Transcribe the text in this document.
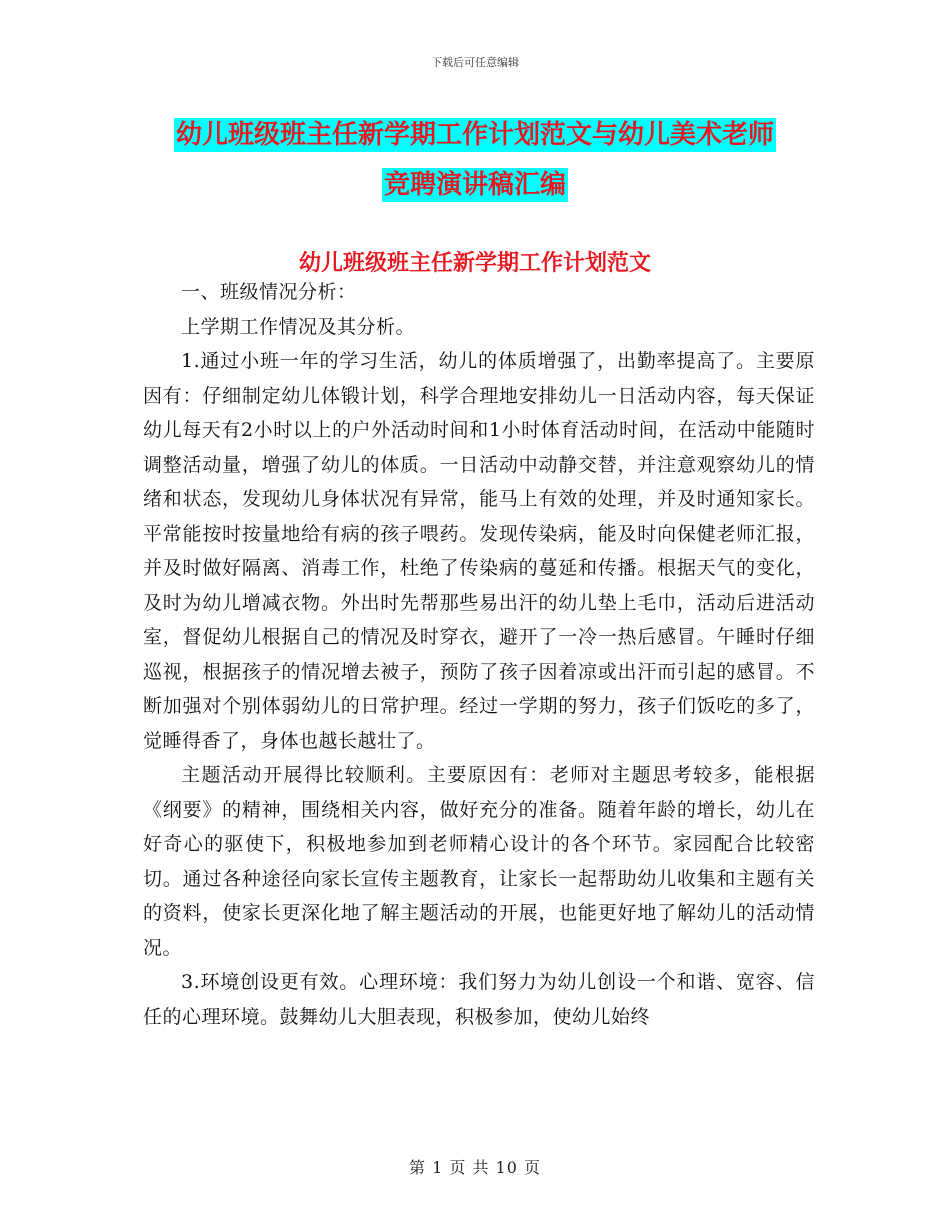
下载后可任意编辑
幼儿班级班主任新学期工作计划范文与幼儿美术老师
竞聘演讲稿汇编
幼儿班级班主任新学期工作计划范文

一、班级情况分析：

上学期工作情况及其分析。

1.通过小班一年的学习生活，幼儿的体质增强了，出勤率提高了。主要原因有：仔细制定幼儿体锻计划，科学合理地安排幼儿一日活动内容，每天保证幼儿每天有2小时以上的户外活动时间和1小时体育活动时间，在活动中能随时调整活动量，增强了幼儿的体质。一日活动中动静交替，并注意观察幼儿的情绪和状态，发现幼儿身体状况有异常，能马上有效的处理，并及时通知家长。平常能按时按量地给有病的孩子喂药。发现传染病，能及时向保健老师汇报，并及时做好隔离、消毒工作，杜绝了传染病的蔓延和传播。根据天气的变化，及时为幼儿增减衣物。外出时先帮那些易出汗的幼儿垫上毛巾，活动后进活动室，督促幼儿根据自己的情况及时穿衣，避开了一冷一热后感冒。午睡时仔细巡视，根据孩子的情况增去被子，预防了孩子因着凉或出汗而引起的感冒。不断加强对个别体弱幼儿的日常护理。经过一学期的努力，孩子们饭吃的多了，觉睡得香了，身体也越长越壮了。

主题活动开展得比较顺利。主要原因有：老师对主题思考较多，能根据《纲要》的精神，围绕相关内容，做好充分的准备。随着年龄的增长，幼儿在好奇心的驱使下，积极地参加到老师精心设计的各个环节。家园配合比较密切。通过各种途径向家长宣传主题教育，让家长一起帮助幼儿收集和主题有关的资料，使家长更深化地了解主题活动的开展，也能更好地了解幼儿的活动情况。

3.环境创设更有效。心理环境：我们努力为幼儿创设一个和谐、宽容、信任的心理环境。鼓舞幼儿大胆表现，积极参加，使幼儿始终

第 1 页 共 10 页
